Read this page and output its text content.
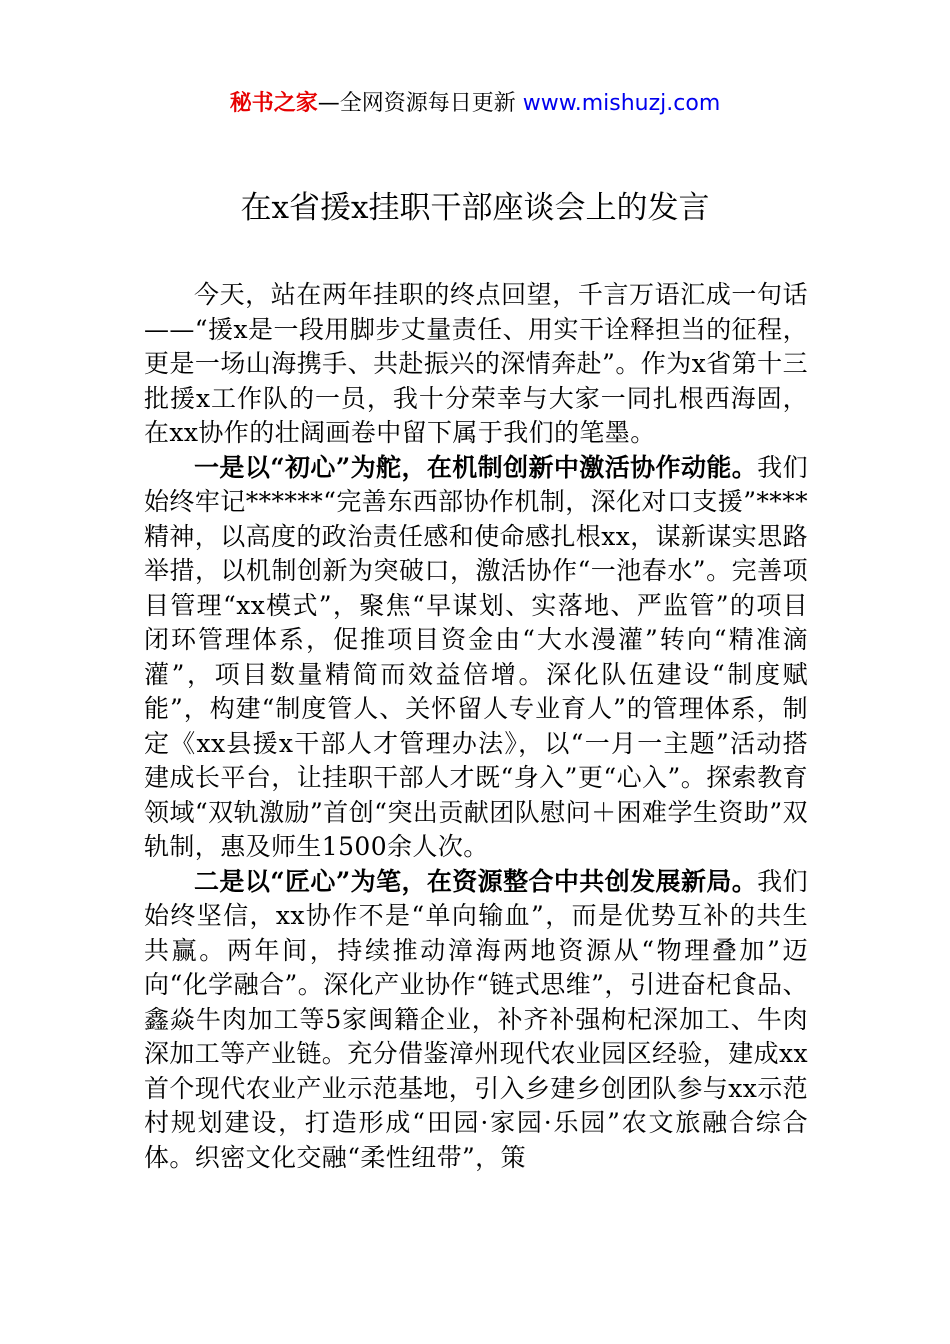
秘书之家—全网资源每日更新 www.mishuzj.com
在x省援x挂职干部座谈会上的发言

今天，站在两年挂职的终点回望，千言万语汇成一句话——“援x是一段用脚步丈量责任、用实干诠释担当的征程，更是一场山海携手、共赴振兴的深情奔赴”。作为x省第十三批援x工作队的一员，我十分荣幸与大家一同扎根西海固，在xx协作的壮阔画卷中留下属于我们的笔墨。

一是以“初心”为舵，在机制创新中激活协作动能。我们始终牢记******“完善东西部协作机制，深化对口支援”****精神，以高度的政治责任感和使命感扎根xx，谋新谋实思路举措，以机制创新为突破口，激活协作“一池春水”。完善项目管理“xx模式”，聚焦“早谋划、实落地、严监管”的项目闭环管理体系，促推项目资金由“大水漫灌”转向“精准滴灌”，项目数量精简而效益倍增。深化队伍建设“制度赋能”，构建“制度管人、关怀留人专业育人”的管理体系，制定《xx县援x干部人才管理办法》，以“一月一主题”活动搭建成长平台，让挂职干部人才既“身入”更“心入”。探索教育领域“双轨激励”首创“突出贡献团队慰问＋困难学生资助”双轨制，惠及师生1500余人次。

二是以“匠心”为笔，在资源整合中共创发展新局。我们始终坚信，xx协作不是“单向输血”，而是优势互补的共生共赢。两年间，持续推动漳海两地资源从“物理叠加”迈向“化学融合”。深化产业协作“链式思维”，引进奋杞食品、鑫焱牛肉加工等5家闽籍企业，补齐补强枸杞深加工、牛肉深加工等产业链。充分借鉴漳州现代农业园区经验，建成xx首个现代农业产业示范基地，引入乡建乡创团队参与xx示范村规划建设，打造形成“田园·家园·乐园”农文旅融合综合体。织密文化交融“柔性纽带”，策
